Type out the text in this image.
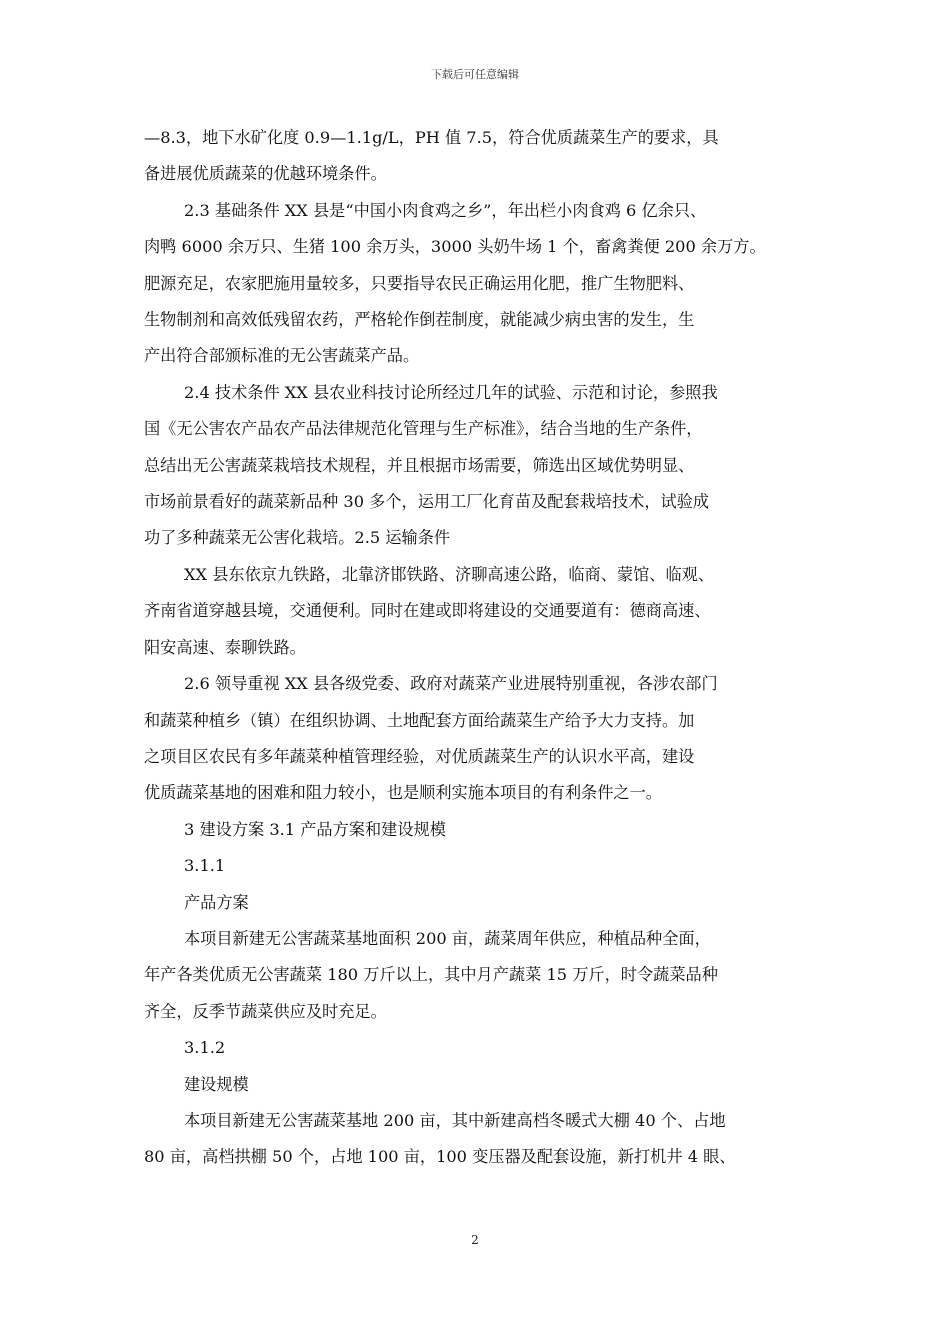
下载后可任意编辑

—8.3，地下水矿化度 0.9—1.1g/L，PH 值 7.5，符合优质蔬菜生产的要求，具

备进展优质蔬菜的优越环境条件。

2.3 基础条件 XX 县是“中国小肉食鸡之乡”，年出栏小肉食鸡 6 亿余只、

肉鸭 6000 余万只、生猪 100 余万头，3000 头奶牛场 1 个，畜禽粪便 200 余万方。

肥源充足，农家肥施用量较多，只要指导农民正确运用化肥，推广生物肥料、

生物制剂和高效低残留农药，严格轮作倒茬制度，就能减少病虫害的发生，生

产出符合部颁标准的无公害蔬菜产品。

2.4 技术条件 XX 县农业科技讨论所经过几年的试验、示范和讨论，参照我

国《无公害农产品农产品法律规范化管理与生产标准》，结合当地的生产条件，

总结出无公害蔬菜栽培技术规程，并且根据市场需要，筛选出区域优势明显、

市场前景看好的蔬菜新品种 30 多个，运用工厂化育苗及配套栽培技术，试验成

功了多种蔬菜无公害化栽培。2.5 运输条件

XX 县东依京九铁路，北靠济邯铁路、济聊高速公路，临商、蒙馆、临观、

齐南省道穿越县境，交通便利。同时在建或即将建设的交通要道有：德商高速、

阳安高速、泰聊铁路。

2.6 领导重视 XX 县各级党委、政府对蔬菜产业进展特别重视，各涉农部门

和蔬菜种植乡（镇）在组织协调、土地配套方面给蔬菜生产给予大力支持。加

之项目区农民有多年蔬菜种植管理经验，对优质蔬菜生产的认识水平高，建设

优质蔬菜基地的困难和阻力较小，也是顺利实施本项目的有利条件之一。

3 建设方案 3.1 产品方案和建设规模

3.1.1

产品方案

本项目新建无公害蔬菜基地面积 200 亩，蔬菜周年供应，种植品种全面，

年产各类优质无公害蔬菜 180 万斤以上，其中月产蔬菜 15 万斤，时令蔬菜品种

齐全，反季节蔬菜供应及时充足。

3.1.2

建设规模

本项目新建无公害蔬菜基地 200 亩，其中新建高档冬暖式大棚 40 个、占地

80 亩，高档拱棚 50 个，占地 100 亩，100 变压器及配套设施，新打机井 4 眼、

2
